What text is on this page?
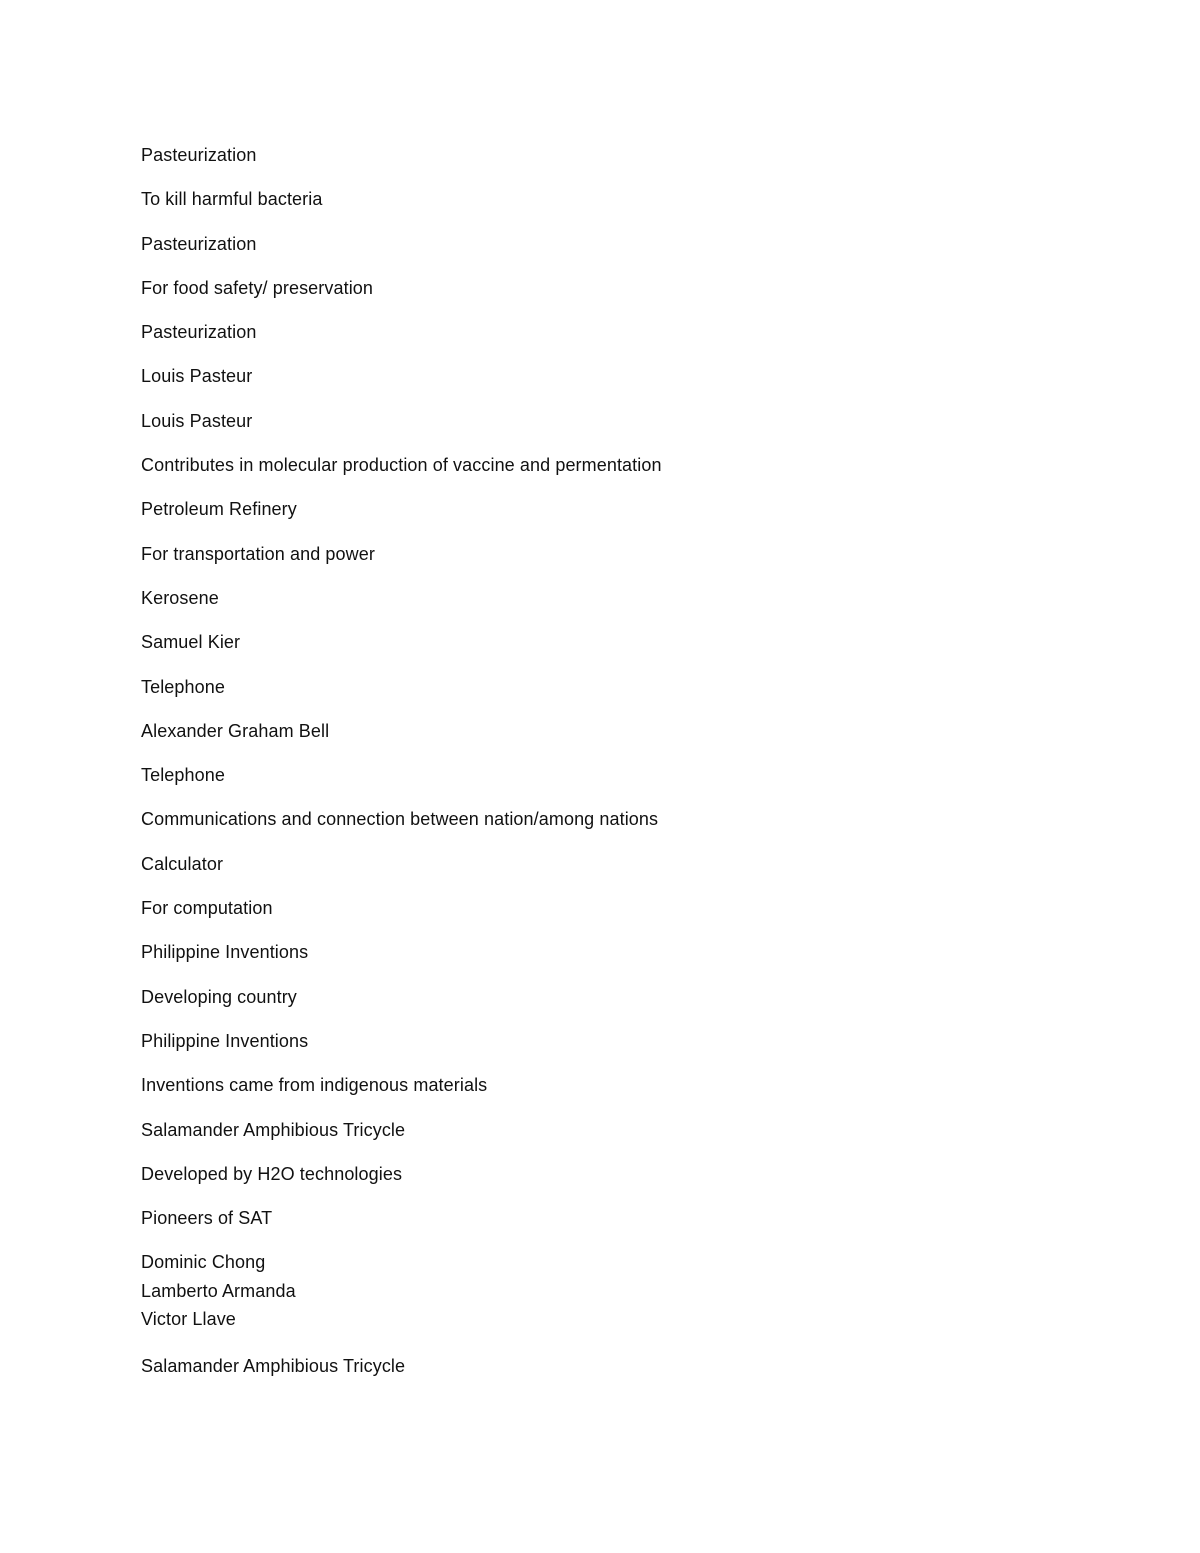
Pasteurization

To kill harmful bacteria

Pasteurization

For food safety/ preservation

Pasteurization

Louis Pasteur

Louis Pasteur

Contributes in molecular production of vaccine and permentation

Petroleum Refinery

For transportation and power

Kerosene

Samuel Kier

Telephone

Alexander Graham Bell

Telephone

Communications and connection between nation/among nations

Calculator

For computation

Philippine Inventions

Developing country

Philippine Inventions

Inventions came from indigenous materials

Salamander Amphibious Tricycle

Developed by H2O technologies

Pioneers of SAT

Dominic Chong
Lamberto Armanda
Victor Llave

Salamander Amphibious Tricycle
